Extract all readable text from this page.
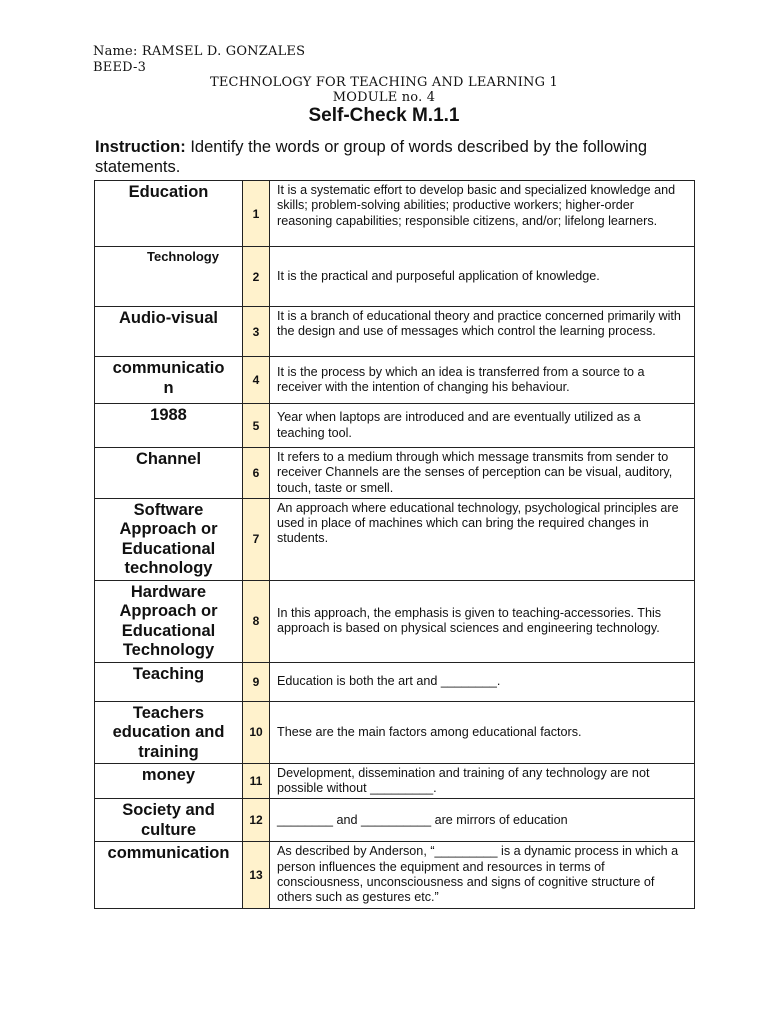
Name: RAMSEL D. GONZALES
BEED-3
TECHNOLOGY FOR TEACHING AND LEARNING 1
MODULE no. 4
Self-Check M.1.1
Instruction: Identify the words or group of words described by the following statements.
Education	1	It is a systematic effort to develop basic and specialized knowledge and skills; problem-solving abilities; productive workers; higher-order reasoning capabilities; responsible citizens, and/or; lifelong learners.
Technology	2	It is the practical and purposeful application of knowledge.
Audio-visual	3	It is a branch of educational theory and practice concerned primarily with the design and use of messages which control the learning process.
communicatio
n	4	It is the process by which an idea is transferred from a source to a receiver with the intention of changing his behaviour.
1988	5	Year when laptops are introduced and are eventually utilized as a teaching tool.
Channel	6	It refers to a medium through which message transmits from sender to receiver Channels are the senses of perception can be visual, auditory, touch, taste or smell.
Software
Approach or
Educational
technology	7	An approach where educational technology, psychological principles are used in place of machines which can bring the required changes in students.
Hardware
Approach or
Educational
Technology	8	In this approach, the emphasis is given to teaching-accessories. This approach is based on physical sciences and engineering technology.
Teaching	9	Education is both the art and ________.
Teachers
education and
training	10	These are the main factors among educational factors.
money	11	Development, dissemination and training of any technology are not possible without _________.
Society and
culture	12	________ and __________ are mirrors of education
communication	13	As described by Anderson, “_________ is a dynamic process in which a person influences the equipment and resources in terms of consciousness, unconsciousness and signs of cognitive structure of others such as gestures etc.”
